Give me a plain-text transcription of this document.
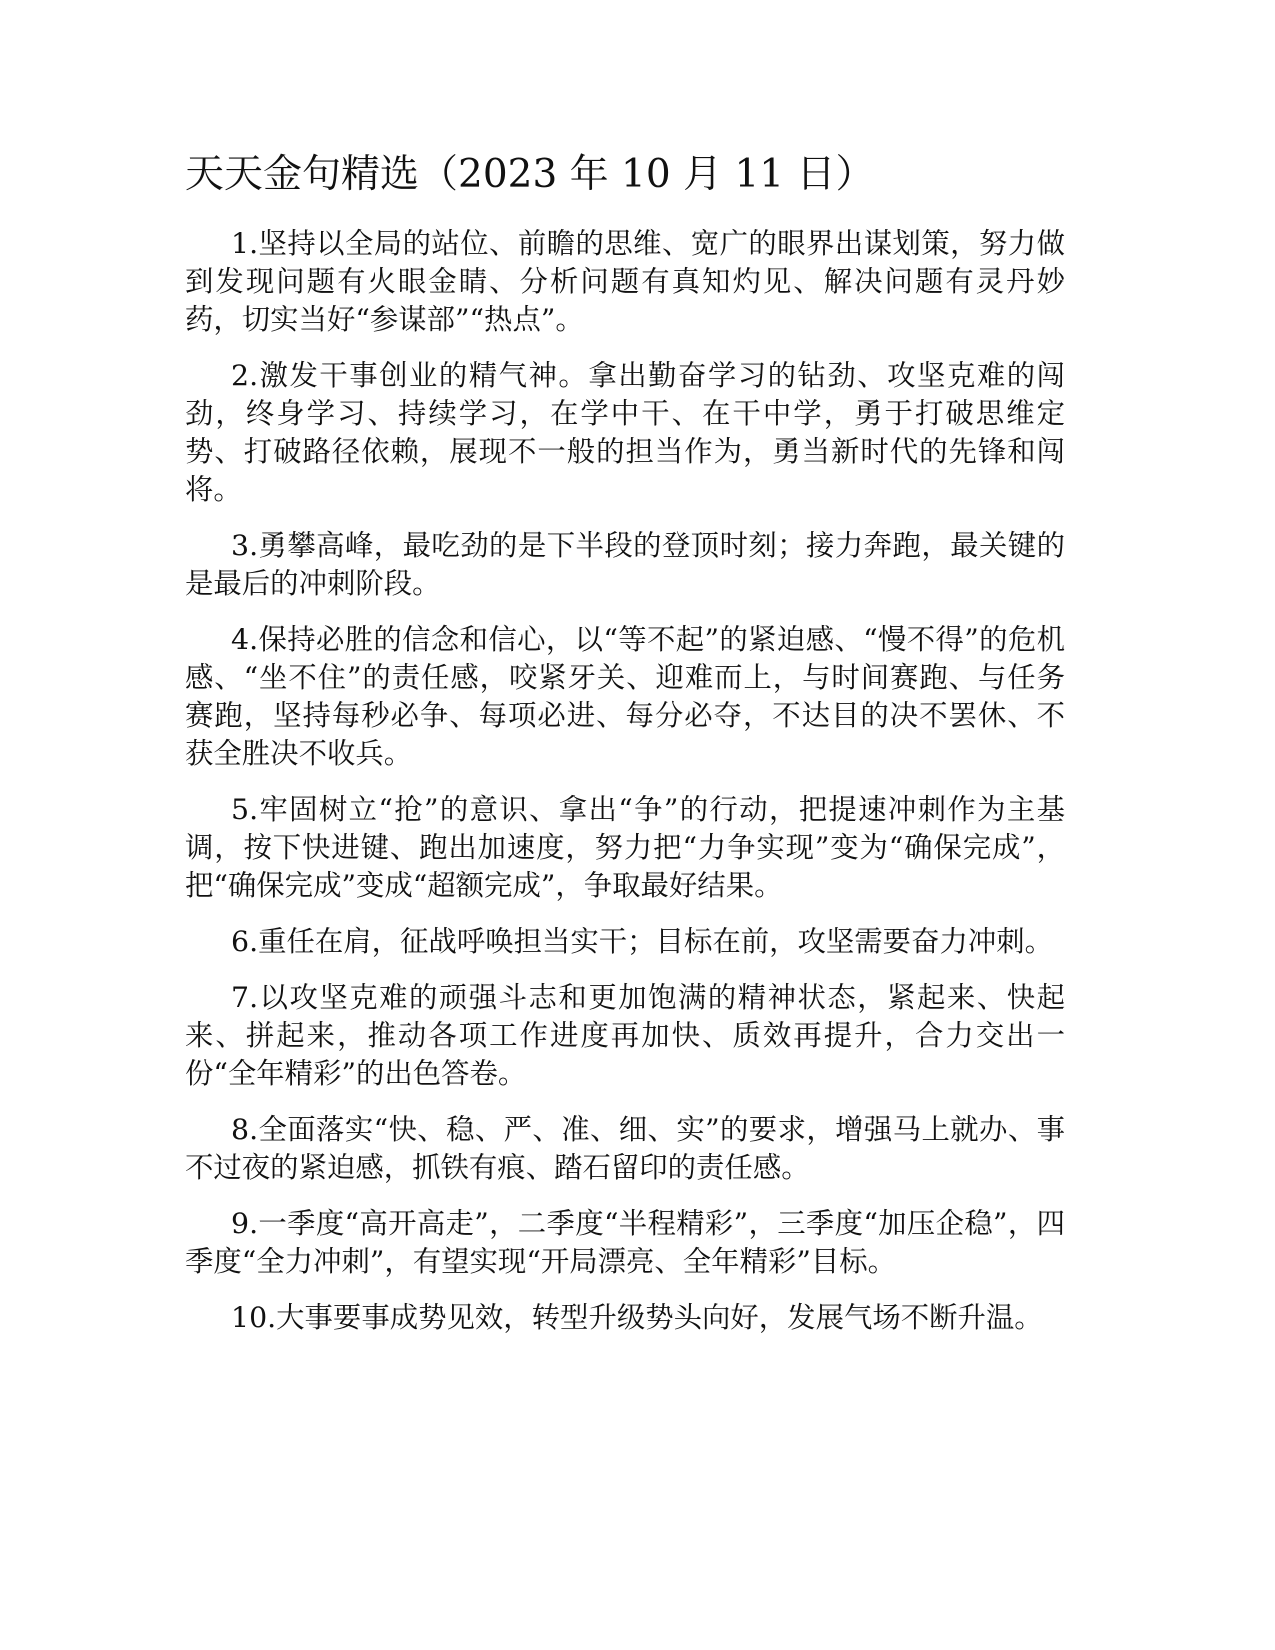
天天金句精选（2023 年 10 月 11 日）

1.坚持以全局的站位、前瞻的思维、宽广的眼界出谋划策，努力做到发现问题有火眼金睛、分析问题有真知灼见、解决问题有灵丹妙药，切实当好“参谋部”“热点”。

2.激发干事创业的精气神。拿出勤奋学习的钻劲、攻坚克难的闯劲，终身学习、持续学习，在学中干、在干中学，勇于打破思维定势、打破路径依赖，展现不一般的担当作为，勇当新时代的先锋和闯将。

3.勇攀高峰，最吃劲的是下半段的登顶时刻；接力奔跑，最关键的是最后的冲刺阶段。

4.保持必胜的信念和信心，以“等不起”的紧迫感、“慢不得”的危机感、“坐不住”的责任感，咬紧牙关、迎难而上，与时间赛跑、与任务赛跑，坚持每秒必争、每项必进、每分必夺，不达目的决不罢休、不获全胜决不收兵。

5.牢固树立“抢”的意识、拿出“争”的行动，把提速冲刺作为主基调，按下快进键、跑出加速度，努力把“力争实现”变为“确保完成”，把“确保完成”变成“超额完成”，争取最好结果。

6.重任在肩，征战呼唤担当实干；目标在前，攻坚需要奋力冲刺。

7.以攻坚克难的顽强斗志和更加饱满的精神状态，紧起来、快起来、拼起来，推动各项工作进度再加快、质效再提升，合力交出一份“全年精彩”的出色答卷。

8.全面落实“快、稳、严、准、细、实”的要求，增强马上就办、事不过夜的紧迫感，抓铁有痕、踏石留印的责任感。

9.一季度“高开高走”，二季度“半程精彩”，三季度“加压企稳”，四季度“全力冲刺”，有望实现“开局漂亮、全年精彩”目标。

10.大事要事成势见效，转型升级势头向好，发展气场不断升温。
